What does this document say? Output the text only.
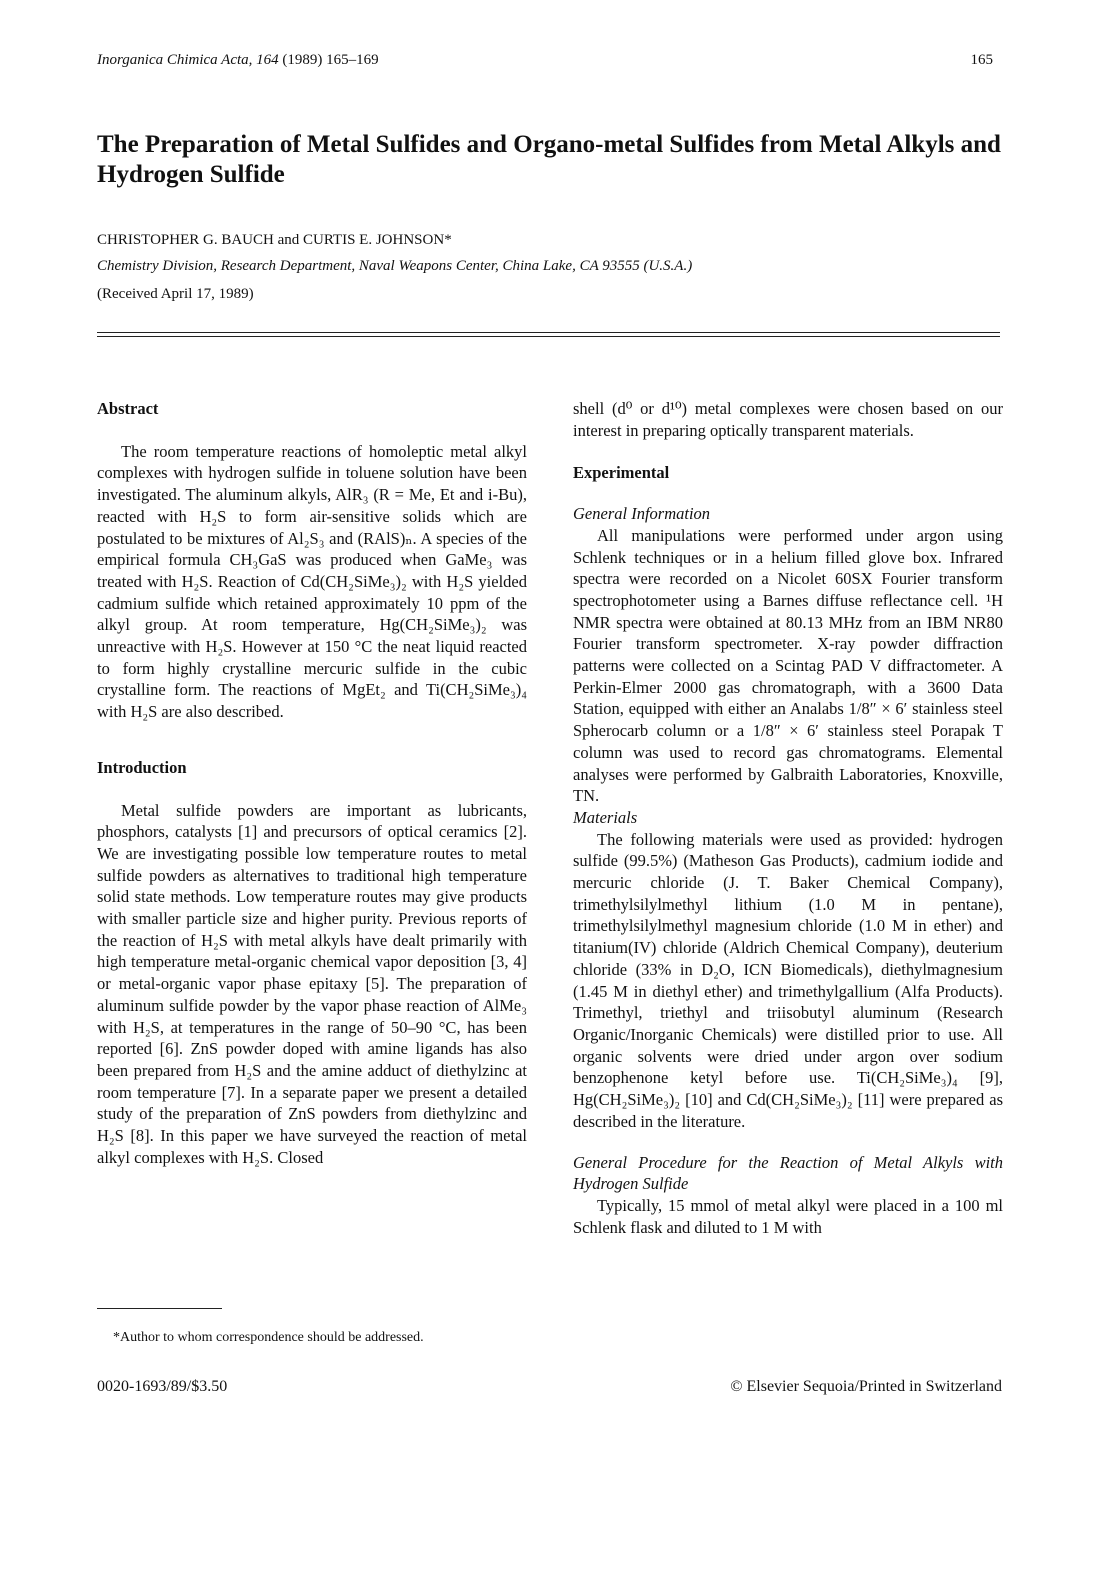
Inorganica Chimica Acta, 164 (1989) 165–169	165
The Preparation of Metal Sulfides and Organo-metal Sulfides from Metal Alkyls and Hydrogen Sulfide
CHRISTOPHER G. BAUCH and CURTIS E. JOHNSON*
Chemistry Division, Research Department, Naval Weapons Center, China Lake, CA 93555 (U.S.A.)
(Received April 17, 1989)
Abstract

The room temperature reactions of homoleptic metal alkyl complexes with hydrogen sulfide in toluene solution have been investigated. The aluminum alkyls, AlR₃ (R = Me, Et and i-Bu), reacted with H₂S to form air-sensitive solids which are postulated to be mixtures of Al₂S₃ and (RAlS)ₙ. A species of the empirical formula CH₃GaS was produced when GaMe₃ was treated with H₂S. Reaction of Cd(CH₂SiMe₃)₂ with H₂S yielded cadmium sulfide which retained approximately 10 ppm of the alkyl group. At room temperature, Hg(CH₂SiMe₃)₂ was unreactive with H₂S. However at 150 °C the neat liquid reacted to form highly crystalline mercuric sulfide in the cubic crystalline form. The reactions of MgEt₂ and Ti(CH₂SiMe₃)₄ with H₂S are also described.

Introduction

Metal sulfide powders are important as lubricants, phosphors, catalysts [1] and precursors of optical ceramics [2]. We are investigating possible low temperature routes to metal sulfide powders as alternatives to traditional high temperature solid state methods. Low temperature routes may give products with smaller particle size and higher purity. Previous reports of the reaction of H₂S with metal alkyls have dealt primarily with high temperature metal-organic chemical vapor deposition [3, 4] or metal-organic vapor phase epitaxy [5]. The preparation of aluminum sulfide powder by the vapor phase reaction of AlMe₃ with H₂S, at temperatures in the range of 50–90 °C, has been reported [6]. ZnS powder doped with amine ligands has also been prepared from H₂S and the amine adduct of diethylzinc at room temperature [7]. In a separate paper we present a detailed study of the preparation of ZnS powders from diethylzinc and H₂S [8]. In this paper we have surveyed the reaction of metal alkyl complexes with H₂S. Closed

shell (d⁰ or d¹⁰) metal complexes were chosen based on our interest in preparing optically transparent materials.

Experimental
General Information

All manipulations were performed under argon using Schlenk techniques or in a helium filled glove box. Infrared spectra were recorded on a Nicolet 60SX Fourier transform spectrophotometer using a Barnes diffuse reflectance cell. ¹H NMR spectra were obtained at 80.13 MHz from an IBM NR80 Fourier transform spectrometer. X-ray powder diffraction patterns were collected on a Scintag PAD V diffractometer. A Perkin-Elmer 2000 gas chromatograph, with a 3600 Data Station, equipped with either an Analabs 1/8″ × 6′ stainless steel Spherocarb column or a 1/8″ × 6′ stainless steel Porapak T column was used to record gas chromatograms. Elemental analyses were performed by Galbraith Laboratories, Knoxville, TN.

Materials

The following materials were used as provided: hydrogen sulfide (99.5%) (Matheson Gas Products), cadmium iodide and mercuric chloride (J. T. Baker Chemical Company), trimethylsilylmethyl lithium (1.0 M in pentane), trimethylsilylmethyl magnesium chloride (1.0 M in ether) and titanium(IV) chloride (Aldrich Chemical Company), deuterium chloride (33% in D₂O, ICN Biomedicals), diethylmagnesium (1.45 M in diethyl ether) and trimethylgallium (Alfa Products). Trimethyl, triethyl and triisobutyl aluminum (Research Organic/Inorganic Chemicals) were distilled prior to use. All organic solvents were dried under argon over sodium benzophenone ketyl before use. Ti(CH₂SiMe₃)₄ [9], Hg(CH₂SiMe₃)₂ [10] and Cd(CH₂SiMe₃)₂ [11] were prepared as described in the literature.

General Procedure for the Reaction of Metal Alkyls with Hydrogen Sulfide

Typically, 15 mmol of metal alkyl were placed in a 100 ml Schlenk flask and diluted to 1 M with

*Author to whom correspondence should be addressed.
0020-1693/89/$3.50	© Elsevier Sequoia/Printed in Switzerland
